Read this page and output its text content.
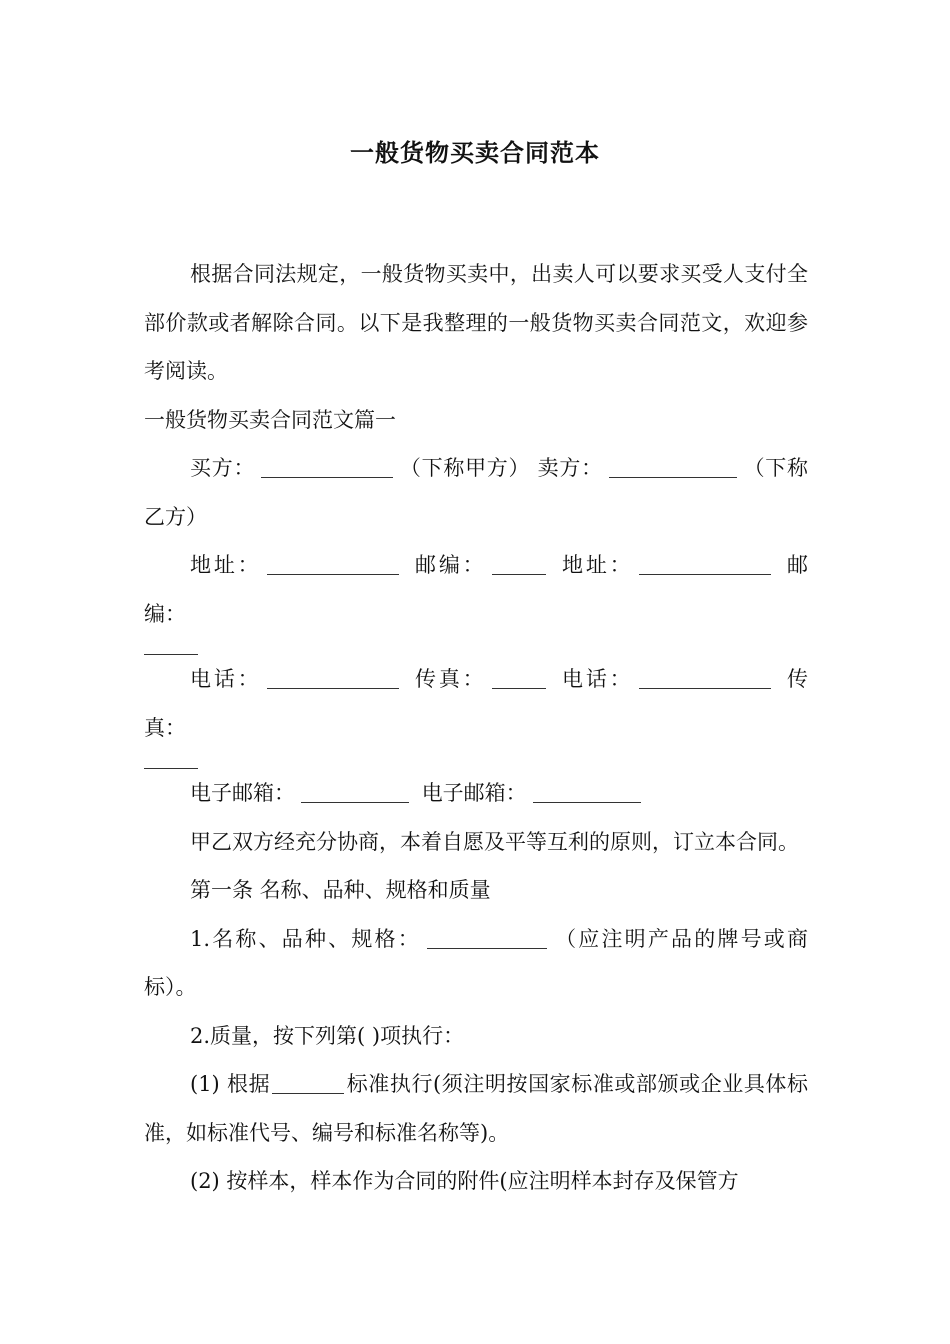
一般货物买卖合同范本

根据合同法规定，一般货物买卖中，出卖人可以要求买受人支付全部价款或者解除合同。以下是我整理的一般货物买卖合同范文，欢迎参考阅读。

一般货物买卖合同范文篇一

买方：	（下称甲方） 卖方：	（下称乙方）

地址：	邮编：	地址：	邮编：

电话：	传真：	电话：	传真：

电子邮箱：	电子邮箱：

甲乙双方经充分协商，本着自愿及平等互利的原则，订立本合同。

第一条 名称、品种、规格和质量

1.名称、品种、规格：	（应注明产品的牌号或商标）。

2.质量，按下列第( )项执行：

(1) 根据	标准执行(须注明按国家标准或部颁或企业具体标准，如标准代号、编号和标准名称等)。

(2) 按样本，样本作为合同的附件(应注明样本封存及保管方
